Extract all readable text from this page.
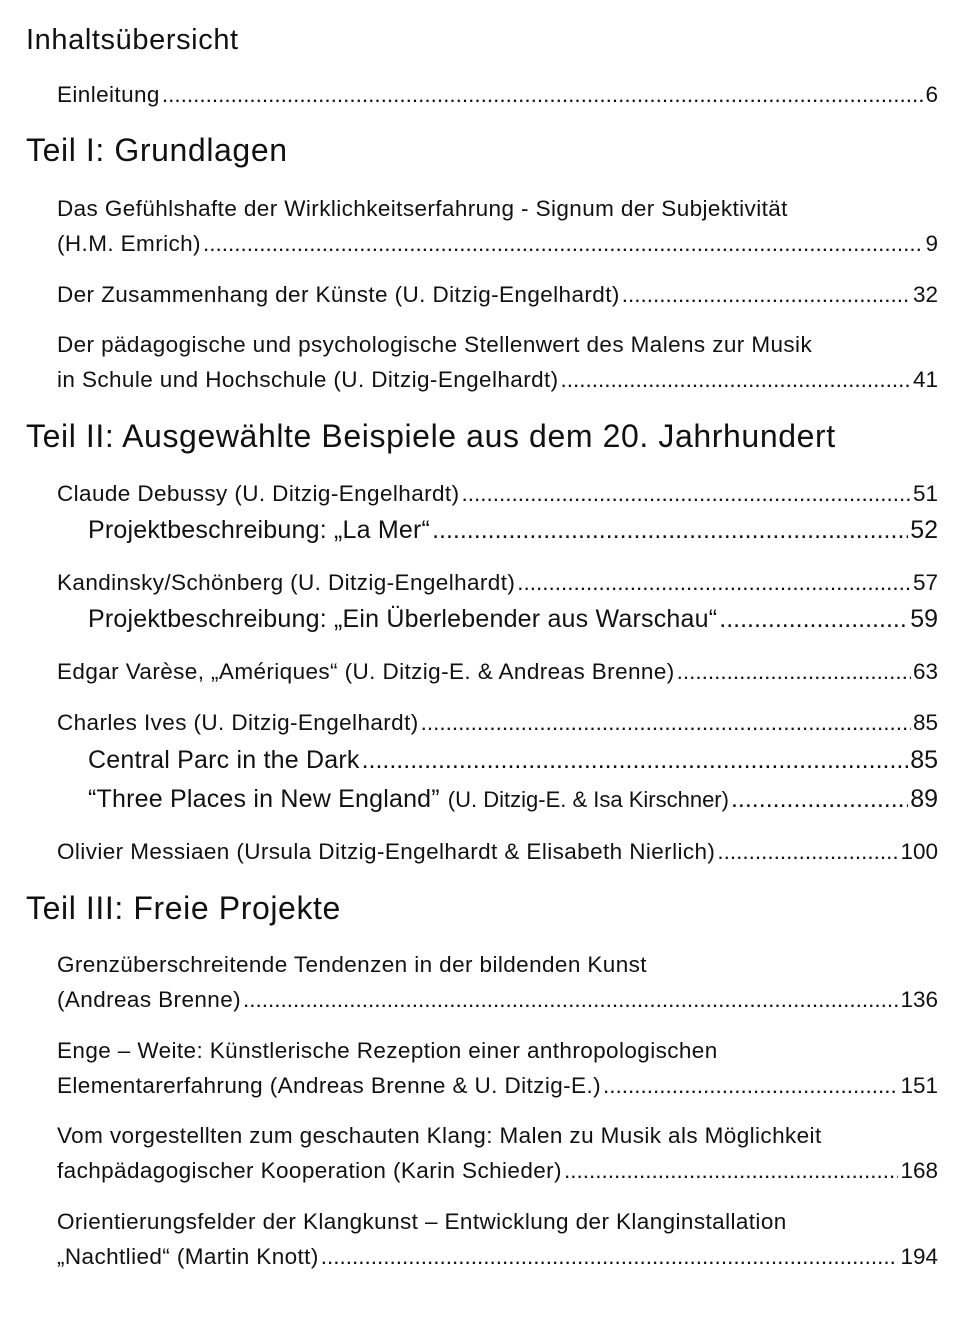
Inhaltsübersicht
Einleitung .....	6
Teil I: Grundlagen
Das Gefühlshafte der Wirklichkeitserfahrung - Signum der Subjektivität
(H.M. Emrich) .....	9
Der Zusammenhang der Künste (U. Ditzig-Engelhardt) .....	32
Der pädagogische und psychologische Stellenwert des Malens zur Musik
in Schule und Hochschule (U. Ditzig-Engelhardt) .....	41
Teil II: Ausgewählte Beispiele aus dem 20. Jahrhundert
Claude Debussy (U. Ditzig-Engelhardt) .....	51
Projektbeschreibung: „La Mer“ .....	52
Kandinsky/Schönberg (U. Ditzig-Engelhardt) .....	57
Projektbeschreibung: „Ein Überlebender aus Warschau“ .....	59
Edgar Varèse, „Amériques“ (U. Ditzig-E. & Andreas Brenne) .....	63
Charles Ives (U. Ditzig-Engelhardt) .....	85
Central Parc in the Dark .....	85
“Three Places in New England” (U. Ditzig-E. & Isa Kirschner) .....	89
Olivier Messiaen (Ursula Ditzig-Engelhardt & Elisabeth Nierlich) .....	100
Teil III: Freie Projekte
Grenzüberschreitende Tendenzen in der bildenden Kunst
(Andreas Brenne) .....	136
Enge – Weite: Künstlerische Rezeption einer anthropologischen
Elementarerfahrung (Andreas Brenne & U. Ditzig-E.) .....	151
Vom vorgestellten zum geschauten Klang: Malen zu Musik als Möglichkeit
fachpädagogischer Kooperation (Karin Schieder) .....	168
Orientierungsfelder der Klangkunst – Entwicklung der Klanginstallation
„Nachtlied“ (Martin Knott) .....	194
